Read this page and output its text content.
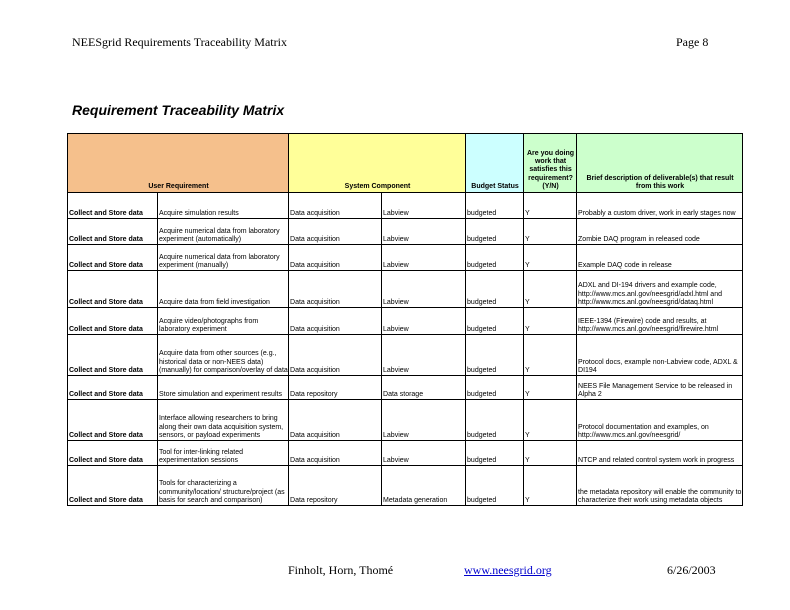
NEESgrid Requirements Traceability Matrix	Page 8
Requirement Traceability Matrix
User Requirement		System Component		Budget Status	Are you doing work that satisfies this requirement? (Y/N)	Brief description of deliverable(s) that result from this work
Collect and Store data	Acquire simulation results	Data acquisition	Labview	budgeted	Y	Probably a custom driver, work in early stages now
Collect and Store data	Acquire numerical data from laboratory experiment (automatically)	Data acquisition	Labview	budgeted	Y	Zombie DAQ program in released code
Collect and Store data	Acquire numerical data from laboratory experiment (manually)	Data acquisition	Labview	budgeted	Y	Example DAQ code in release
Collect and Store data	Acquire data from field investigation	Data acquisition	Labview	budgeted	Y	ADXL and DI-194 drivers and example code, http://www.mcs.anl.gov/neesgrid/adxl.html and http://www.mcs.anl.gov/neesgrid/dataq.html
Collect and Store data	Acquire video/photographs from laboratory experiment	Data acquisition	Labview	budgeted	Y	IEEE-1394 (Firewire) code and results, at http://www.mcs.anl.gov/neesgrid/firewire.html
Collect and Store data	Acquire data from other sources (e.g., historical data or non-NEES data) (manually) for comparison/overlay of data	Data acquisition	Labview	budgeted	Y	Protocol docs, example non-Labview code, ADXL & DI194
Collect and Store data	Store simulation and experiment results	Data repository	Data storage	budgeted	Y	NEES File Management Service to be released in Alpha 2
Collect and Store data	Interface allowing researchers to bring along their own data acquisition system, sensors, or payload experiments	Data acquisition	Labview	budgeted	Y	Protocol documentation and examples, on http://www.mcs.anl.gov/neesgrid/
Collect and Store data	Tool for inter-linking related experimentation sessions	Data acquisition	Labview	budgeted	Y	NTCP and related control system work in progress
Collect and Store data	Tools for characterizing a community/location/ structure/project (as basis for search and comparison)	Data repository	Metadata generation	budgeted	Y	the metadata repository will enable the community to characterize their work using metadata objects
Finholt, Horn, Thomé	www.neesgrid.org	6/26/2003
